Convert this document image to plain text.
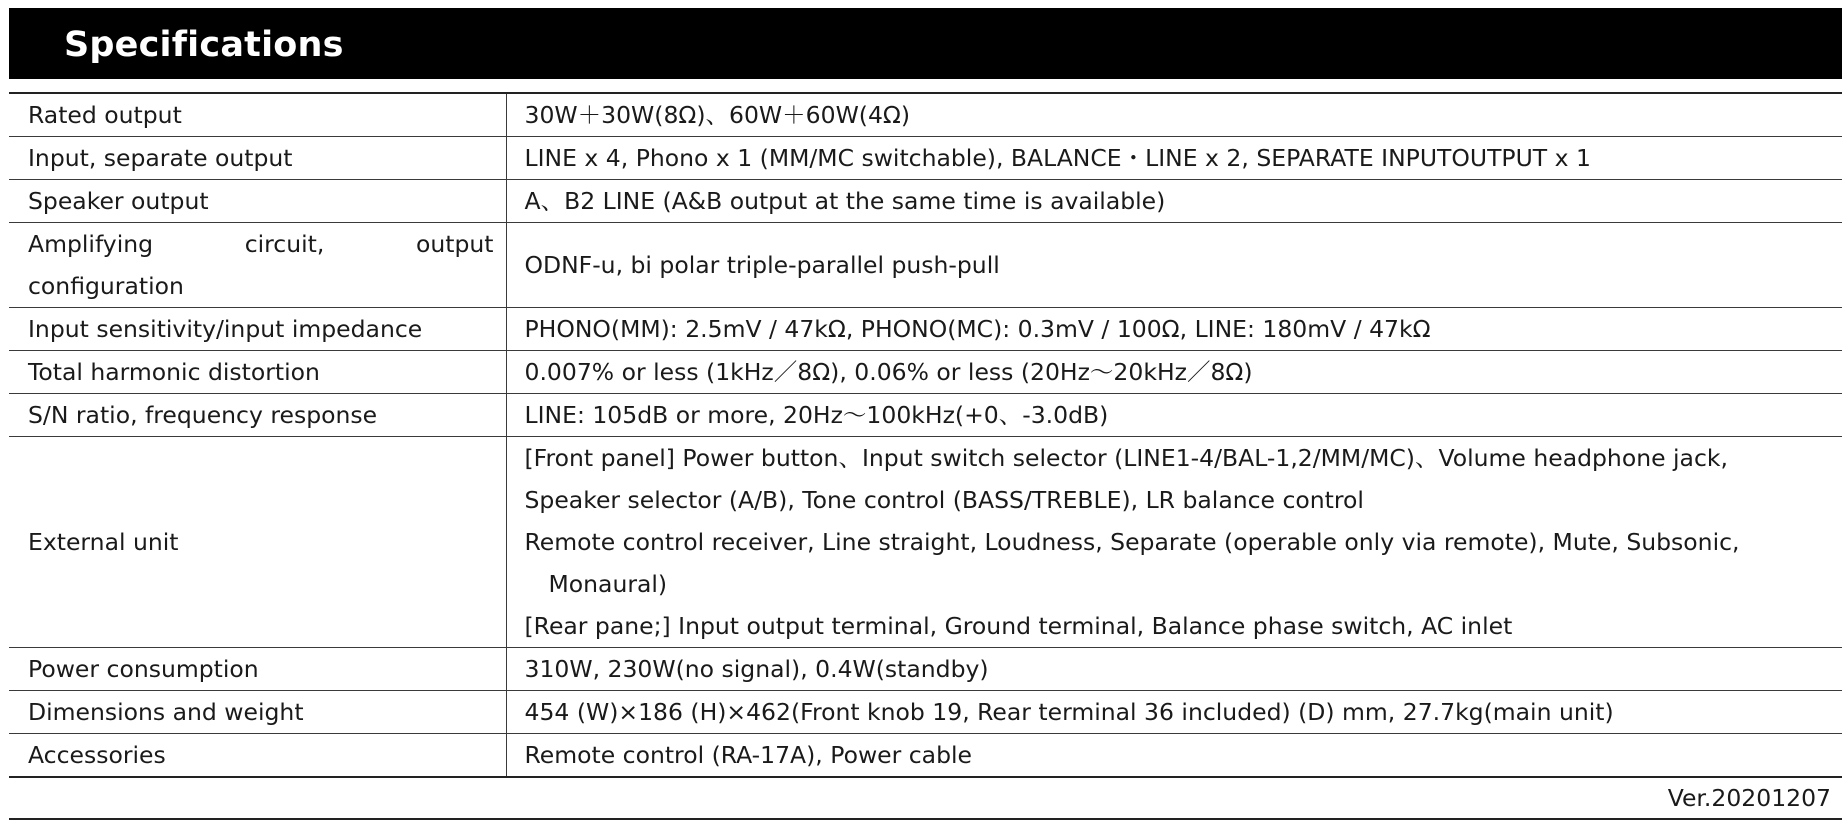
Specifications
Rated output	30W＋30W(8Ω)、60W＋60W(4Ω)

Input, separate output	LINE x 4, Phono x 1 (MM/MC switchable), BALANCE・LINE x 2, SEPARATE INPUTOUTPUT x 1

Speaker output	A、B2 LINE (A&B output at the same time is available)

Amplifying circuit, output
configuration	ODNF-u, bi polar triple-parallel push-pull

Input sensitivity/input impedance	PHONO(MM): 2.5mV / 47kΩ, PHONO(MC): 0.3mV / 100Ω, LINE: 180mV / 47kΩ

Total harmonic distortion	0.007% or less (1kHz／8Ω), 0.06% or less (20Hz～20kHz／8Ω)

S/N ratio, frequency response	LINE: 105dB or more, 20Hz～100kHz(+0、-3.0dB)

External unit	[Front panel] Power button、Input switch selector (LINE1-4/BAL-1,2/MM/MC)、Volume headphone jack,
Speaker selector (A/B), Tone control (BASS/TREBLE), LR balance control
Remote control receiver, Line straight, Loudness, Separate (operable only via remote), Mute, Subsonic,
Monaural)
[Rear pane;] Input output terminal, Ground terminal, Balance phase switch, AC inlet

Power consumption	310W, 230W(no signal), 0.4W(standby)

Dimensions and weight	454 (W)×186 (H)×462(Front knob 19, Rear terminal 36 included) (D) mm, 27.7kg(main unit)

Accessories	Remote control (RA-17A), Power cable
Ver.20201207
